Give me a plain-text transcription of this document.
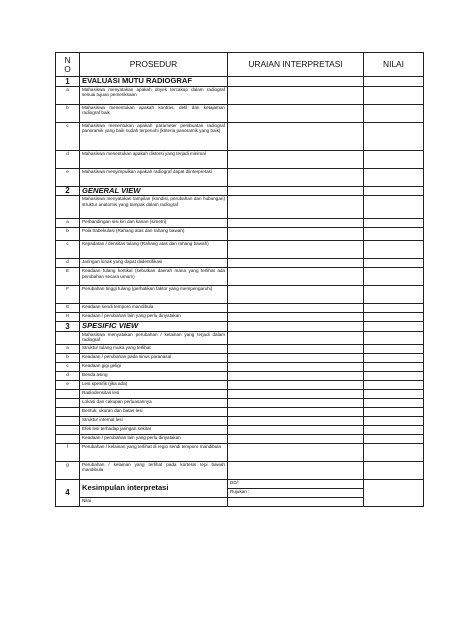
N
O	PROSEDUR	URAIAN INTERPRETASI	NILAI
1	EVALUASI MUTU RADIOGRAF		
a	Mahasiswa menyatakan apakah obyek tercakup dalam radiograf sesuai tujuan pemeriksaan		
b	Mahasiswa menentukan apakah kontras, detil dan ketajaman radiograf baik		
c	Mahasiswa menentukan apakah parameter pembuatan radiograf panoramik yang baik sudah terpenuhi (kriteria panoramik yang baik)		
d	Mahasiswa menentukan apakah distorsi yang terjadi minimal		
e	Mahasiswa menyimpulkan apakah radiograf dapat diinterpretasi		
2	GENERAL VIEW		
	Mahasiswa menyatakan tampilan (kondisi, perubahan dan hubungan) struktur anatomis yang tampak dalam radiograf		
a	Perbandingan sisi kiri dan kanan (simetri)		
b	Pola trabekulasi (Rahang atas dan rahang bawah)		
c	Kepadatan / densitas tulang (Rahang atas dan rahang bawah)		
d	Jaringan lunak yang dapat diidentifikasi		
E	Keadaan tulang kortikal (sebutkan daerah mana yang terlihat ada perubahan secara umum)		
F	Perubahan tinggi tulang (perhatikan faktor yang mempengaruhi)		
G	Keadaan sendi temporo mandibula		
H	Keadaan / perubahan lain yang perlu dinyatakan		
3	SPESIFIC VIEW		
	Mahasiswa menyatakan perubahan / kelainan yang terjadi dalam radiograf		
a	Struktur tulang muka yang terlihat		
b	Keadaan / perubahan pada sinus paranasal		
c	Keadaan gigi geligi		
d	Benda asing		
e	Lesi spesifik (jika ada)		
	Radiodensitas lesi		
	Lokasi dan cakupan perluasannya		
	Bentuk, ukuran dan batas lesi		
	Struktur internal lesi		
	Efek lesi terhadap jaringan sekitar		
	Keadaan / perubahan lain yang perlu dinyatakan		
f	Perubahan / kelainan yang terlihat di regio sendi temporo mandibula		
g	Perubahan / kelainan yang terlihat pada kortesis tepi bawah mandibula		
4	Kesimpulan interpretasi	DD/:	
		Rujukan :	
	Nilai		
